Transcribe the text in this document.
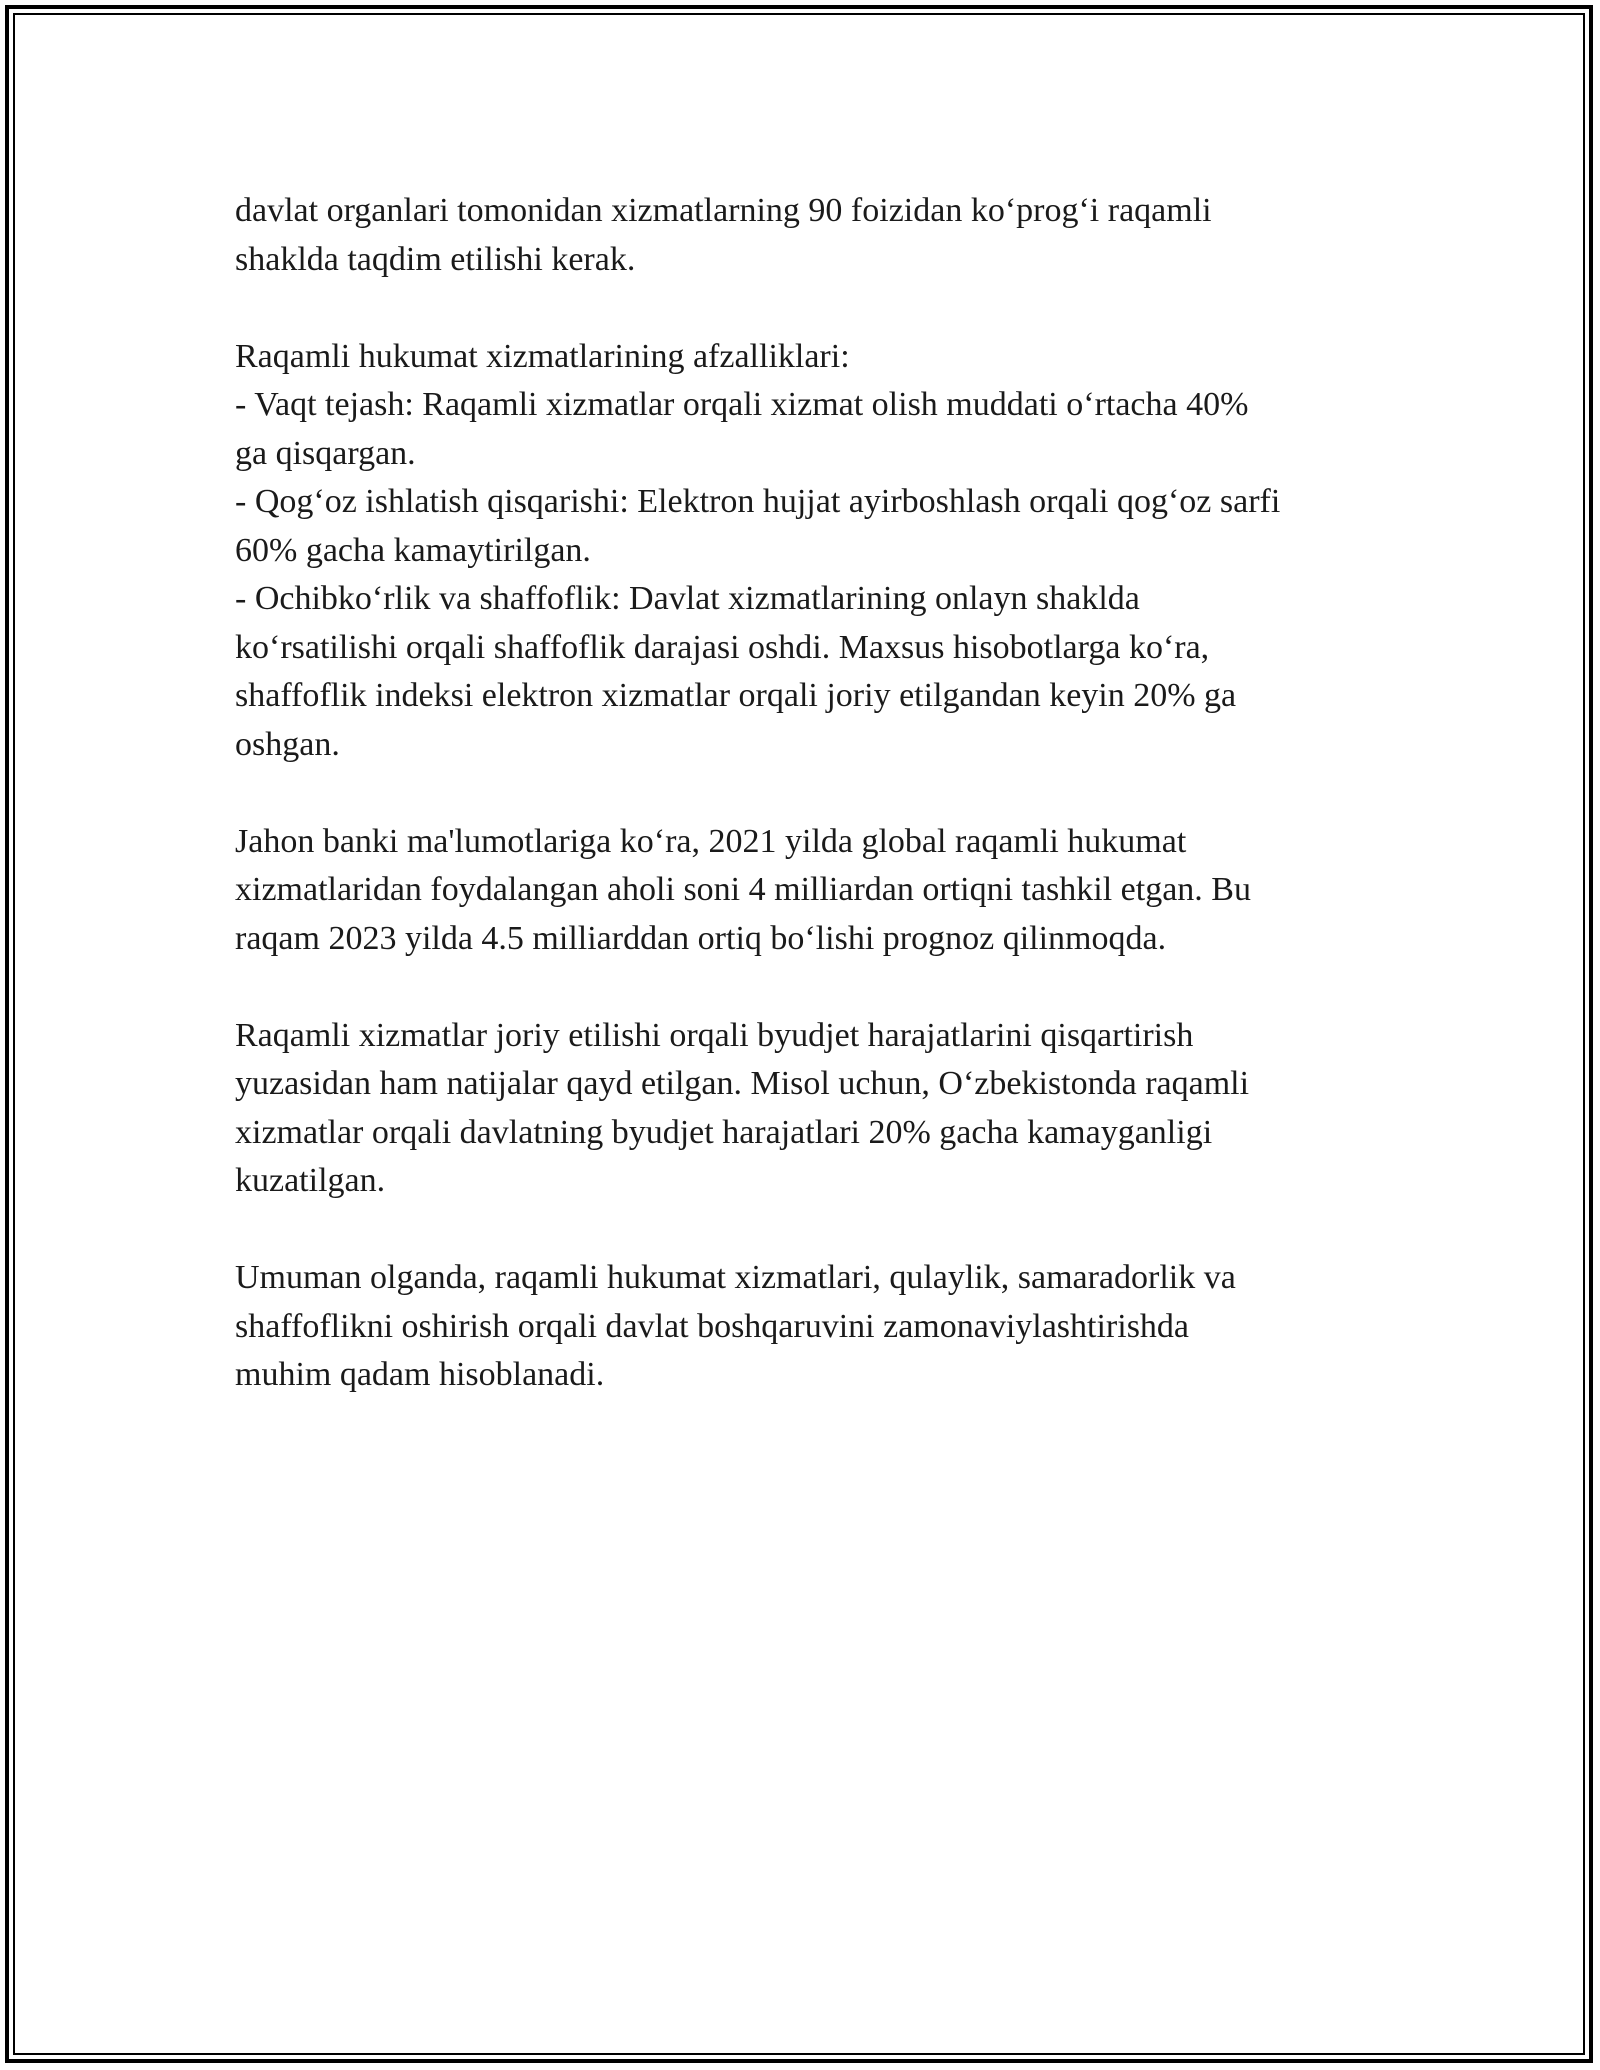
davlat organlari tomonidan xizmatlarning 90 foizidan ko‘prog‘i raqamli
shaklda taqdim etilishi kerak.

Raqamli hukumat xizmatlarining afzalliklari:
- Vaqt tejash: Raqamli xizmatlar orqali xizmat olish muddati o‘rtacha 40%
ga qisqargan.
- Qog‘oz ishlatish qisqarishi: Elektron hujjat ayirboshlash orqali qog‘oz sarfi
60% gacha kamaytirilgan.
- Ochibko‘rlik va shaffoflik: Davlat xizmatlarining onlayn shaklda
ko‘rsatilishi orqali shaffoflik darajasi oshdi. Maxsus hisobotlarga ko‘ra,
shaffoflik indeksi elektron xizmatlar orqali joriy etilgandan keyin 20% ga
oshgan.

Jahon banki ma'lumotlariga ko‘ra, 2021 yilda global raqamli hukumat
xizmatlaridan foydalangan aholi soni 4 milliardan ortiqni tashkil etgan. Bu
raqam 2023 yilda 4.5 milliarddan ortiq bo‘lishi prognoz qilinmoqda.

Raqamli xizmatlar joriy etilishi orqali byudjet harajatlarini qisqartirish
yuzasidan ham natijalar qayd etilgan. Misol uchun, O‘zbekistonda raqamli
xizmatlar orqali davlatning byudjet harajatlari 20% gacha kamayganligi
kuzatilgan.

Umuman olganda, raqamli hukumat xizmatlari, qulaylik, samaradorlik va
shaffoflikni oshirish orqali davlat boshqaruvini zamonaviylashtirishda
muhim qadam hisoblanadi.
